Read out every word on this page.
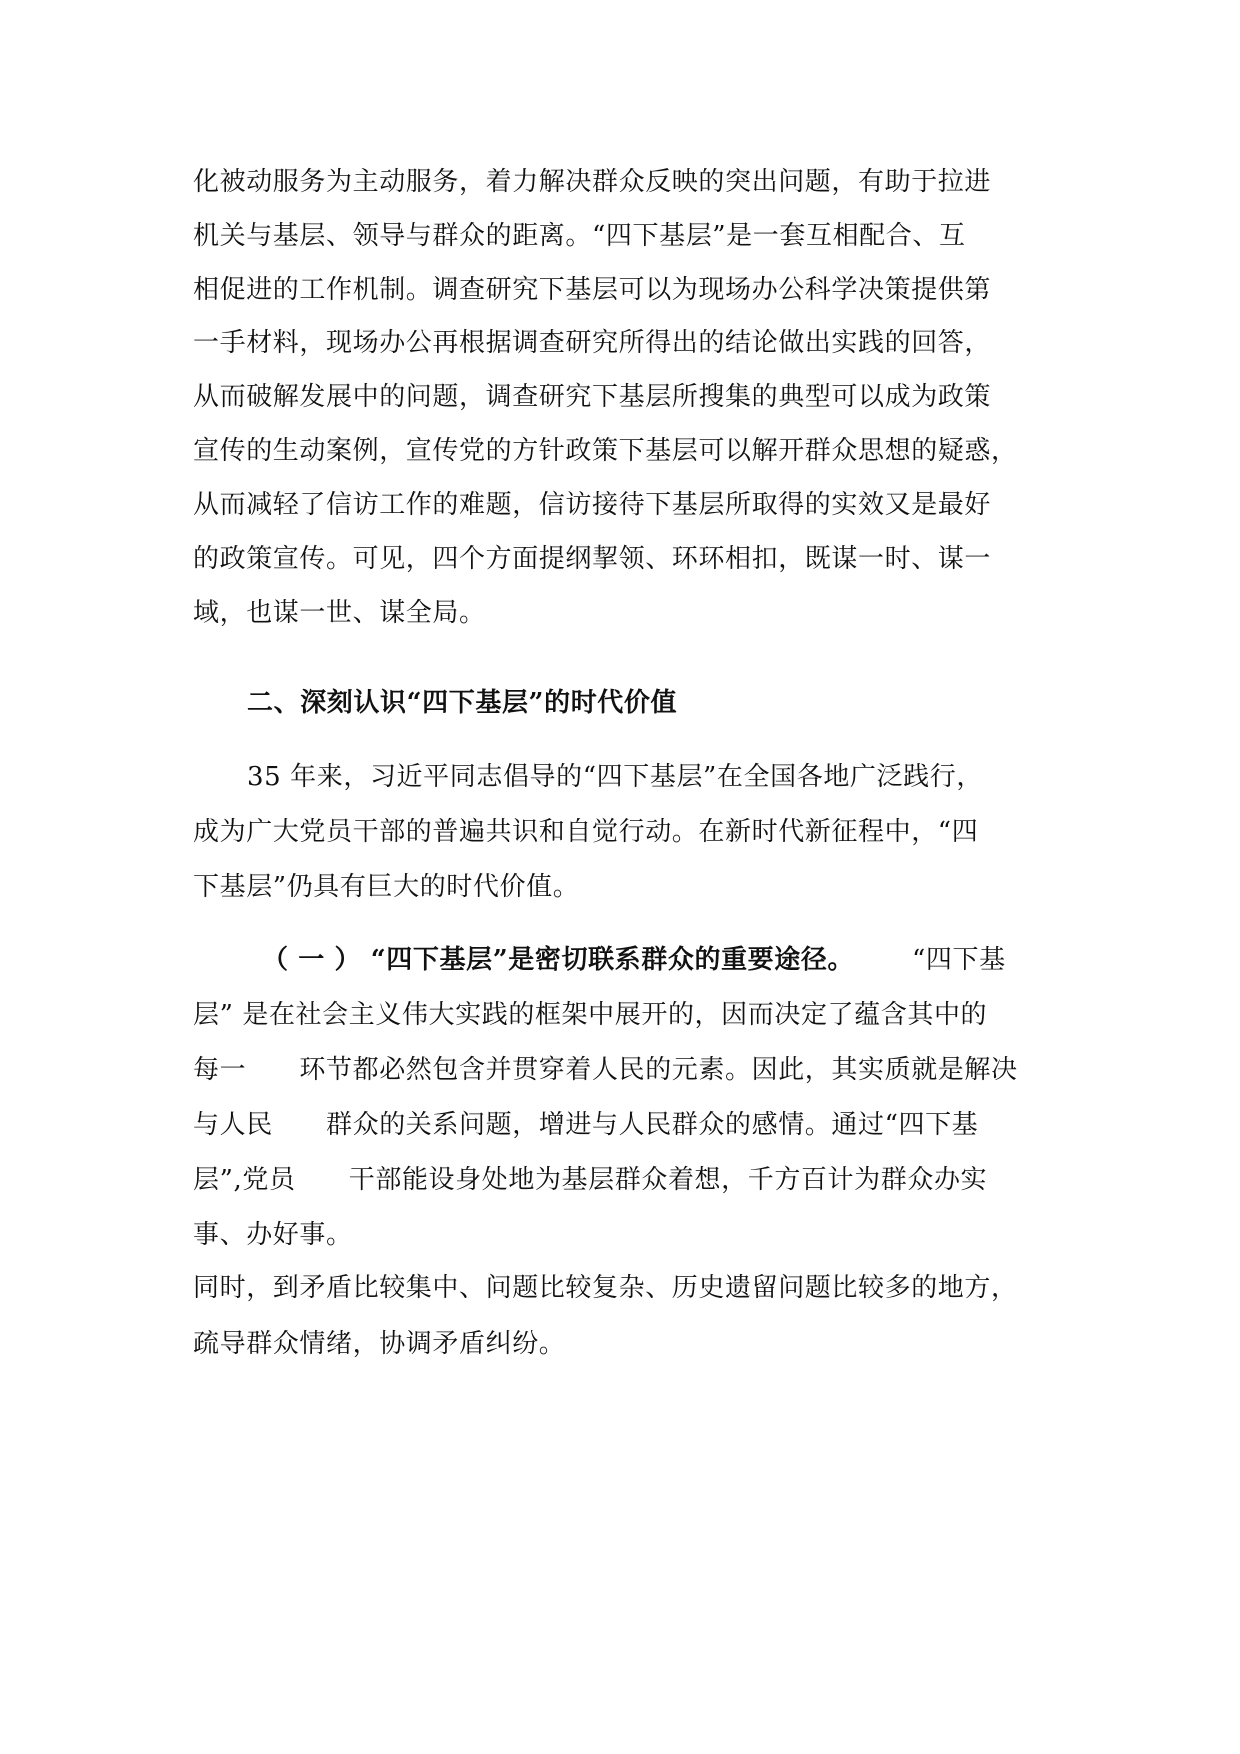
化被动服务为主动服务，着力解决群众反映的突出问题，有助于拉进
机关与基层、领导与群众的距离。“四下基层”是一套互相配合、互
相促进的工作机制。调查研究下基层可以为现场办公科学决策提供第
一手材料，现场办公再根据调查研究所得出的结论做出实践的回答，
从而破解发展中的问题，调查研究下基层所搜集的典型可以成为政策
宣传的生动案例，宣传党的方针政策下基层可以解开群众思想的疑惑，
从而减轻了信访工作的难题，信访接待下基层所取得的实效又是最好
的政策宣传。可见，四个方面提纲挈领、环环相扣，既谋一时、谋一
域，也谋一世、谋全局。
二、深刻认识“四下基层”的时代价值
35 年来，习近平同志倡导的“四下基层”在全国各地广泛践行，
成为广大党员干部的普遍共识和自觉行动。在新时代新征程中，“四
下基层”仍具有巨大的时代价值。
（ 一 ） “四下基层”是密切联系群众的重要途径。 “四下基
层” 是在社会主义伟大实践的框架中展开的，因而决定了蕴含其中的
每一      环节都必然包含并贯穿着人民的元素。因此，其实质就是解决
与人民      群众的关系问题，增进与人民群众的感情。通过“四下基
层”,党员      干部能设身处地为基层群众着想，千方百计为群众办实
事、办好事。
同时，到矛盾比较集中、问题比较复杂、历史遗留问题比较多的地方，
疏导群众情绪，协调矛盾纠纷。
